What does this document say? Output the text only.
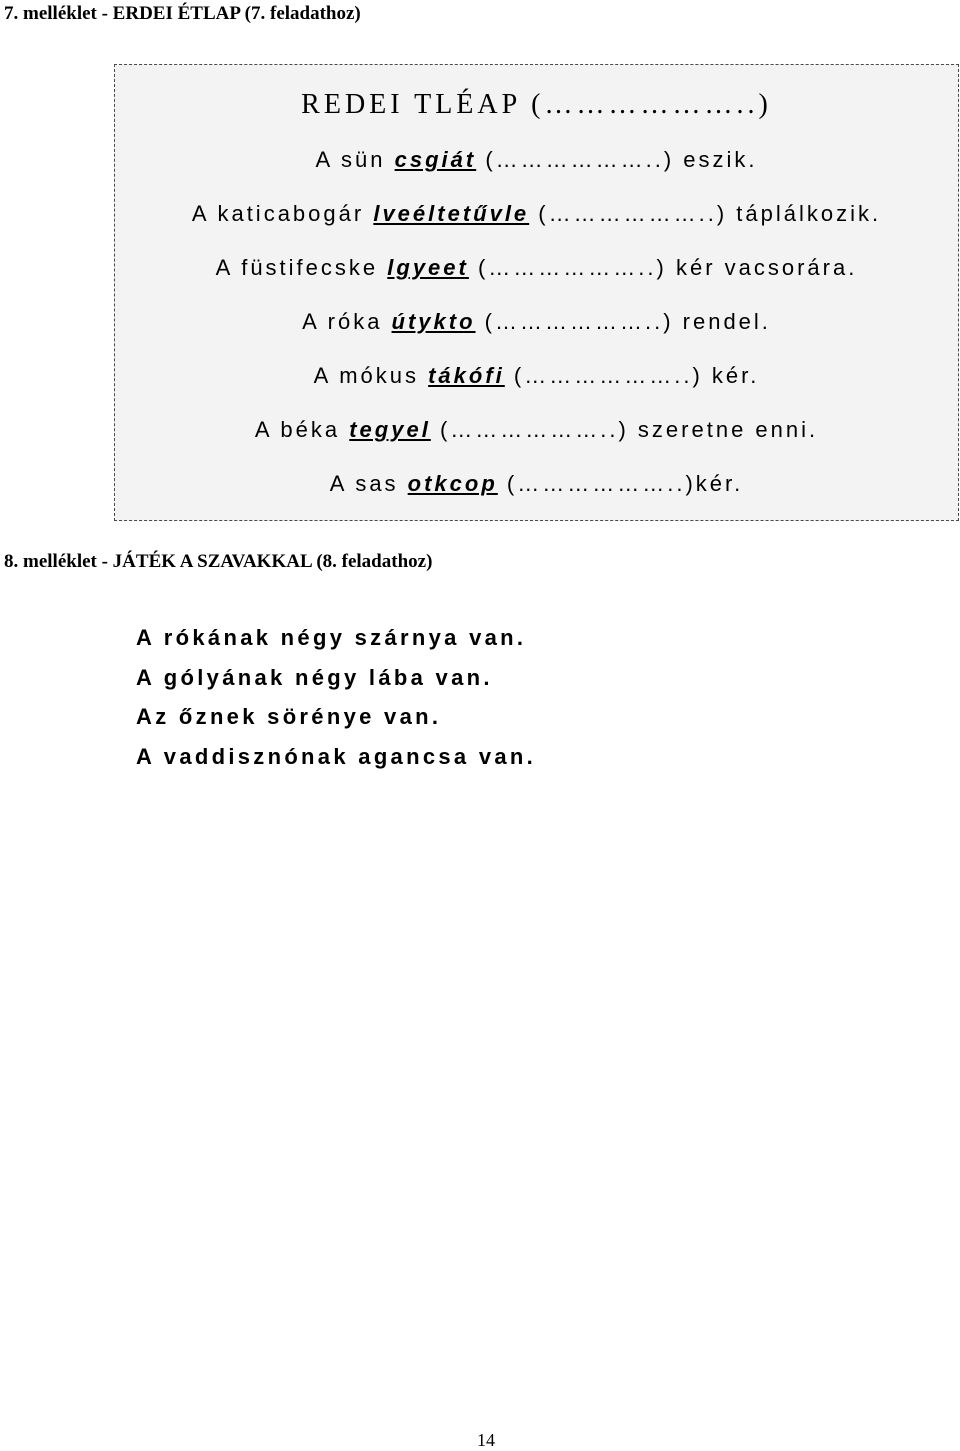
7. melléklet - ERDEI ÉTLAP (7. feladathoz)
REDEI TLÉAP (………………..)
A sün csgiát (………………..) eszik.
A katicabogár lveéltetűvle (………………..) táplálkozik.
A füstifecske lgyeet (………………..) kér vacsorára.
A róka útykto (………………..) rendel.
A mókus tákófi (………………..) kér.
A béka tegyel (………………..) szeretne enni.
A sas otkcop (………………..)kér.
8. melléklet - JÁTÉK A SZAVAKKAL (8. feladathoz)
A rókának négy szárnya van.
A gólyának négy lába van.
Az őznek sörénye van.
A vaddisznónak agancsa van.
14
